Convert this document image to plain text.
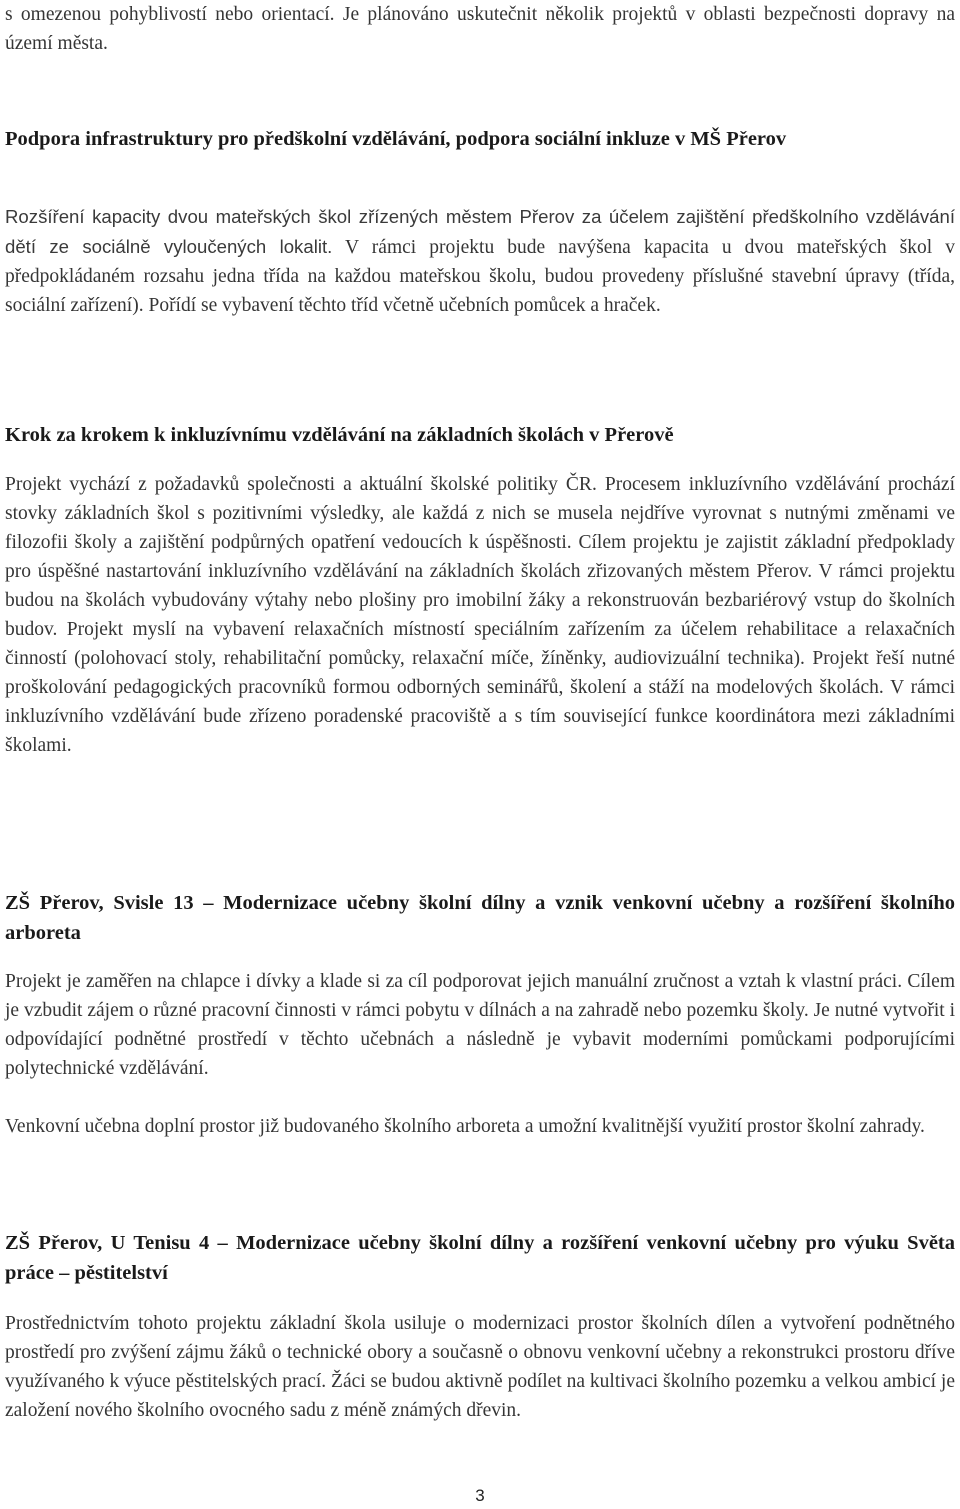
s omezenou pohyblivostí nebo orientací. Je plánováno uskutečnit několik projektů v oblasti bezpečnosti dopravy na území města.

Podpora infrastruktury pro předškolní vzdělávání, podpora sociální inkluze v MŠ Přerov

Rozšíření kapacity dvou mateřských škol zřízených městem Přerov za účelem zajištění předškolního vzdělávání dětí ze sociálně vyloučených lokalit. V rámci projektu bude navýšena kapacita u dvou mateřských škol v předpokládaném rozsahu jedna třída na každou mateřskou školu, budou provedeny příslušné stavební úpravy (třída, sociální zařízení). Pořídí se vybavení těchto tříd včetně učebních pomůcek a hraček.

Krok za krokem k inkluzívnímu vzdělávání na základních školách v Přerově

Projekt vychází z požadavků společnosti a aktuální školské politiky ČR. Procesem inkluzívního vzdělávání prochází stovky základních škol s pozitivními výsledky, ale každá z nich se musela nejdříve vyrovnat s nutnými změnami ve filozofii školy a zajištění podpůrných opatření vedoucích k úspěšnosti. Cílem projektu je zajistit základní předpoklady pro úspěšné nastartování inkluzívního vzdělávání na základních školách zřizovaných městem Přerov. V rámci projektu budou na školách vybudovány výtahy nebo plošiny pro imobilní žáky a rekonstruován bezbariérový vstup do školních budov. Projekt myslí na vybavení relaxačních místností speciálním zařízením za účelem rehabilitace a relaxačních činností (polohovací stoly, rehabilitační pomůcky, relaxační míče, žíněnky, audiovizuální technika). Projekt řeší nutné proškolování pedagogických pracovníků formou odborných seminářů, školení a stáží na modelových školách. V rámci inkluzívního vzdělávání bude zřízeno poradenské pracoviště a s tím související funkce koordinátora mezi základními školami.

ZŠ Přerov, Svisle 13 – Modernizace učebny školní dílny a vznik venkovní učebny a rozšíření školního arboreta

Projekt je zaměřen na chlapce i dívky a klade si za cíl podporovat jejich manuální zručnost a vztah k vlastní práci. Cílem je vzbudit zájem o různé pracovní činnosti v rámci pobytu v dílnách a na zahradě nebo pozemku školy. Je nutné vytvořit i odpovídající podnětné prostředí v těchto učebnách a následně je vybavit moderními pomůckami podporujícími polytechnické vzdělávání.

Venkovní učebna doplní prostor již budovaného školního arboreta a umožní kvalitnější využití prostor školní zahrady.

ZŠ Přerov, U Tenisu 4 – Modernizace učebny školní dílny a rozšíření venkovní učebny pro výuku Světa práce – pěstitelství

Prostřednictvím tohoto projektu základní škola usiluje o modernizaci prostor školních dílen a vytvoření podnětného prostředí pro zvýšení zájmu žáků o technické obory a současně o obnovu venkovní učebny a rekonstrukci prostoru dříve využívaného k výuce pěstitelských prací. Žáci se budou aktivně podílet na kultivaci školního pozemku a velkou ambicí je založení nového školního ovocného sadu z méně známých dřevin.

3
